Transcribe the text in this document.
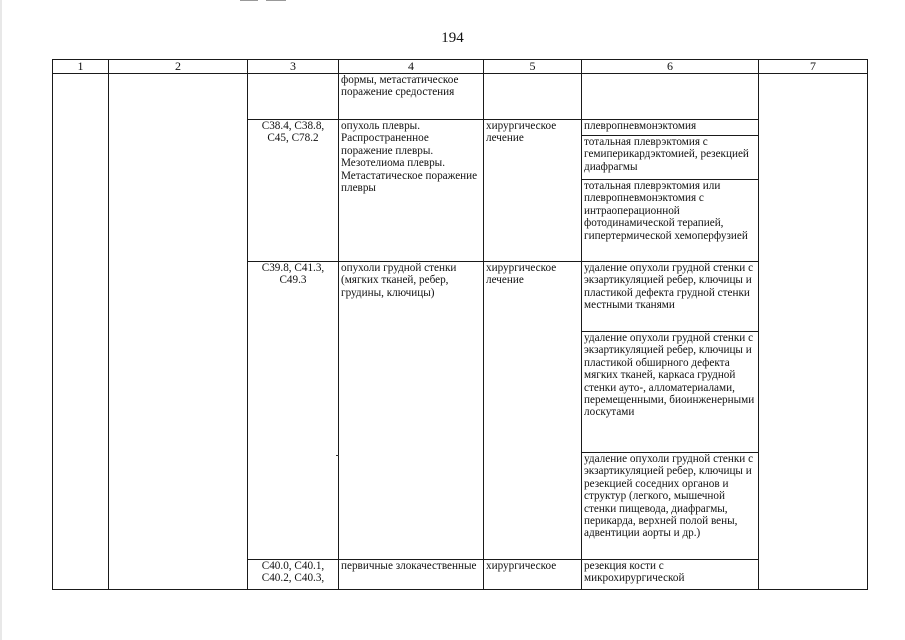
194
1	2	3	4	5	6	7
			формы, метастатическое поражение средостения			
		С38.4, С38.8, С45, С78.2	опухоль плевры. Распространенное поражение плевры. Мезотелиома плевры. Метастатическое поражение плевры	хирургическое лечение	плевропневмонэктомия	
					тотальная плеврэктомия с гемиперикардэктомией, резекцией диафрагмы	
					тотальная плеврэктомия или плевропневмонэктомия с интраоперационной фотодинамической терапией, гипертермической хемоперфузией	
		С39.8, С41.3, С49.3	опухоли грудной стенки (мягких тканей, ребер, грудины, ключицы)	хирургическое лечение	удаление опухоли грудной стенки с экзартикуляцией ребер, ключицы и пластикой дефекта грудной стенки местными тканями	
					удаление опухоли грудной стенки с экзартикуляцией ребер, ключицы и пластикой обширного дефекта мягких тканей, каркаса грудной стенки ауто-, алломатериалами, перемещенными, биоинженерными лоскутами	
					удаление опухоли грудной стенки с экзартикуляцией ребер, ключицы и резекцией соседних органов и структур (легкого, мышечной стенки пищевода, диафрагмы, перикарда, верхней полой вены, адвентиции аорты и др.)	
		С40.0, С40.1, С40.2, С40.3,	первичные злокачественные	хирургическое	резекция кости с микрохирургической	
